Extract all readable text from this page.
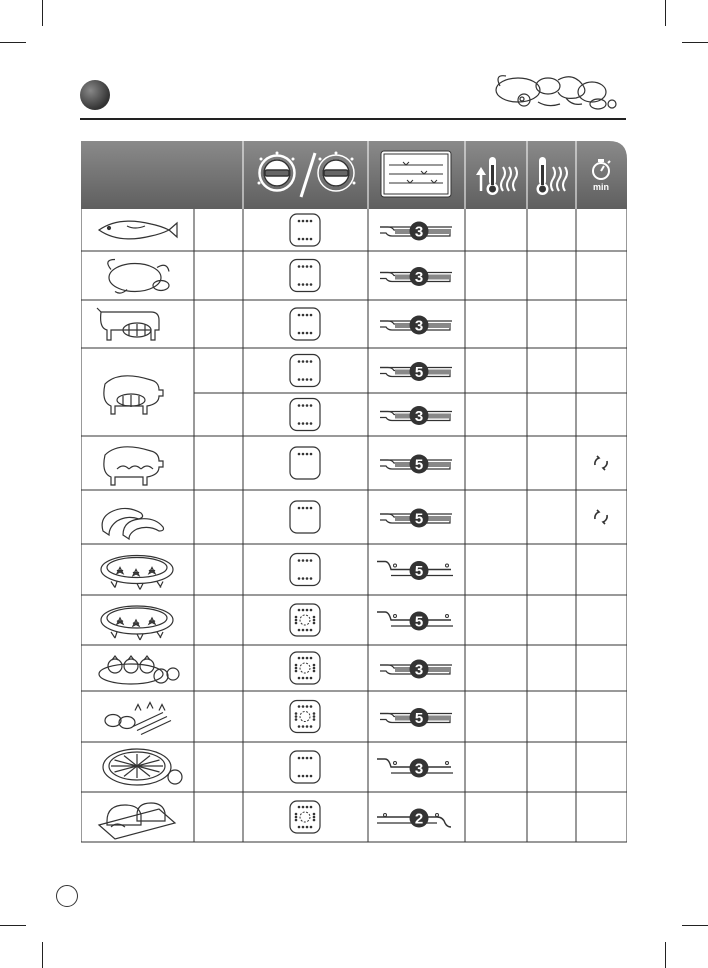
min
3
3
3
5
3
5
5
5
5
3
5
3
2
